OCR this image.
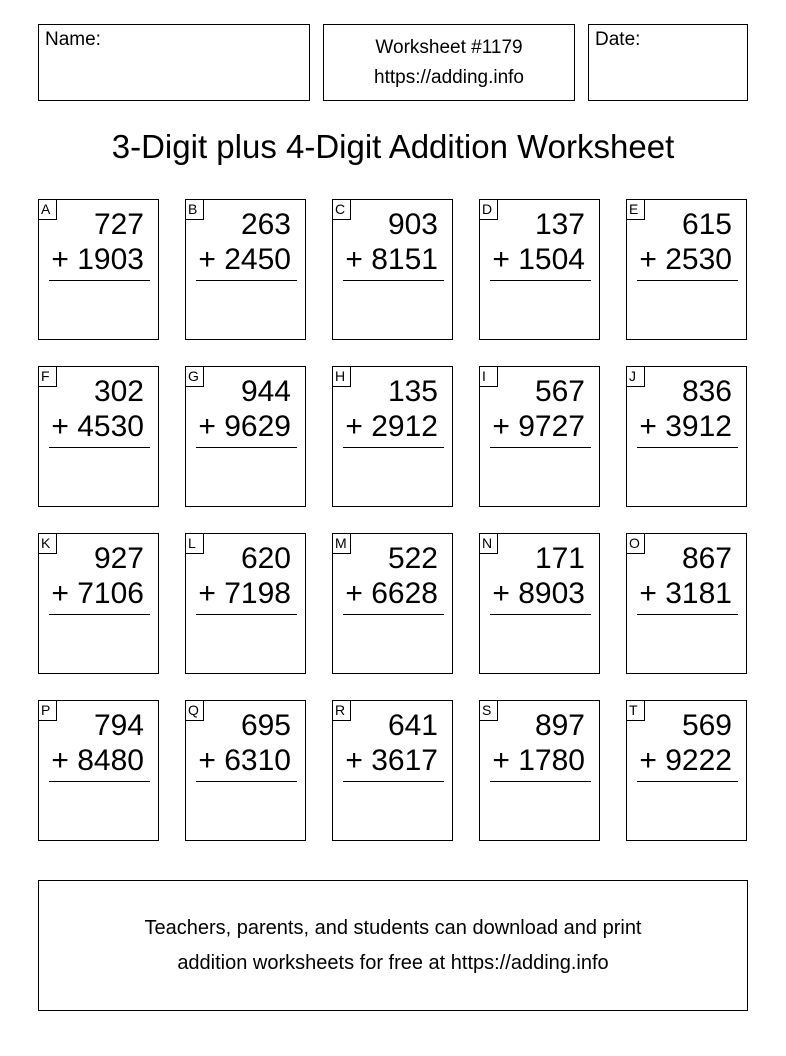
Name:	Worksheet #1179
https://adding.info
Date:
3-Digit plus 4-Digit Addition Worksheet
A 727
+ 1903
B 263
+ 2450
C 903
+ 8151
D 137
+ 1504
E 615
+ 2530
F 302
+ 4530
G 944
+ 9629
H 135
+ 2912
I	567
+ 9727
J	836
+ 3912
K 927
+ 7106
L 620
+ 7198
M 522
+ 6628
N 171
+ 8903
O 867
+ 3181
P 794
+ 8480
Q 695
+ 6310
R 641
+ 3617
S 897
+ 1780
T 569
+ 9222
Teachers, parents, and students can download and print
addition worksheets for free at https://adding.info
